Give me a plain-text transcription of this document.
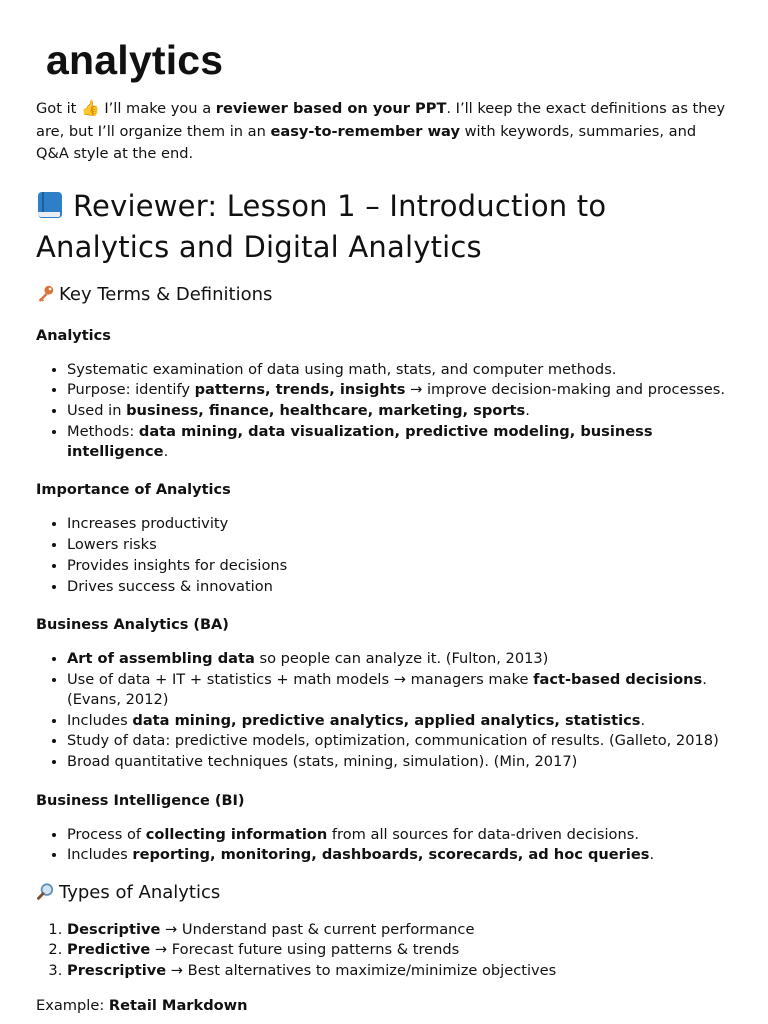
analytics

Got it 👍 I’ll make you a reviewer based on your PPT. I’ll keep the exact definitions as they are, but I’ll organize them in an easy-to-remember way with keywords, summaries, and Q&A style at the end.

Reviewer: Lesson 1 – Introduction to Analytics and Digital Analytics
Key Terms & Definitions
Analytics
• Systematic examination of data using math, stats, and computer methods.
• Purpose: identify patterns, trends, insights → improve decision-making and processes.
• Used in business, finance, healthcare, marketing, sports.
• Methods: data mining, data visualization, predictive modeling, business intelligence.
Importance of Analytics
• Increases productivity
• Lowers risks
• Provides insights for decisions
• Drives success & innovation
Business Analytics (BA)
• Art of assembling data so people can analyze it. (Fulton, 2013)
• Use of data + IT + statistics + math models → managers make fact-based decisions. (Evans, 2012)
• Includes data mining, predictive analytics, applied analytics, statistics.
• Study of data: predictive models, optimization, communication of results. (Galleto, 2018)
• Broad quantitative techniques (stats, mining, simulation). (Min, 2017)
Business Intelligence (BI)
• Process of collecting information from all sources for data-driven decisions.
• Includes reporting, monitoring, dashboards, scorecards, ad hoc queries.
Types of Analytics
1. Descriptive → Understand past & current performance
2. Predictive → Forecast future using patterns & trends
3. Prescriptive → Best alternatives to maximize/minimize objectives

Example: Retail Markdown
